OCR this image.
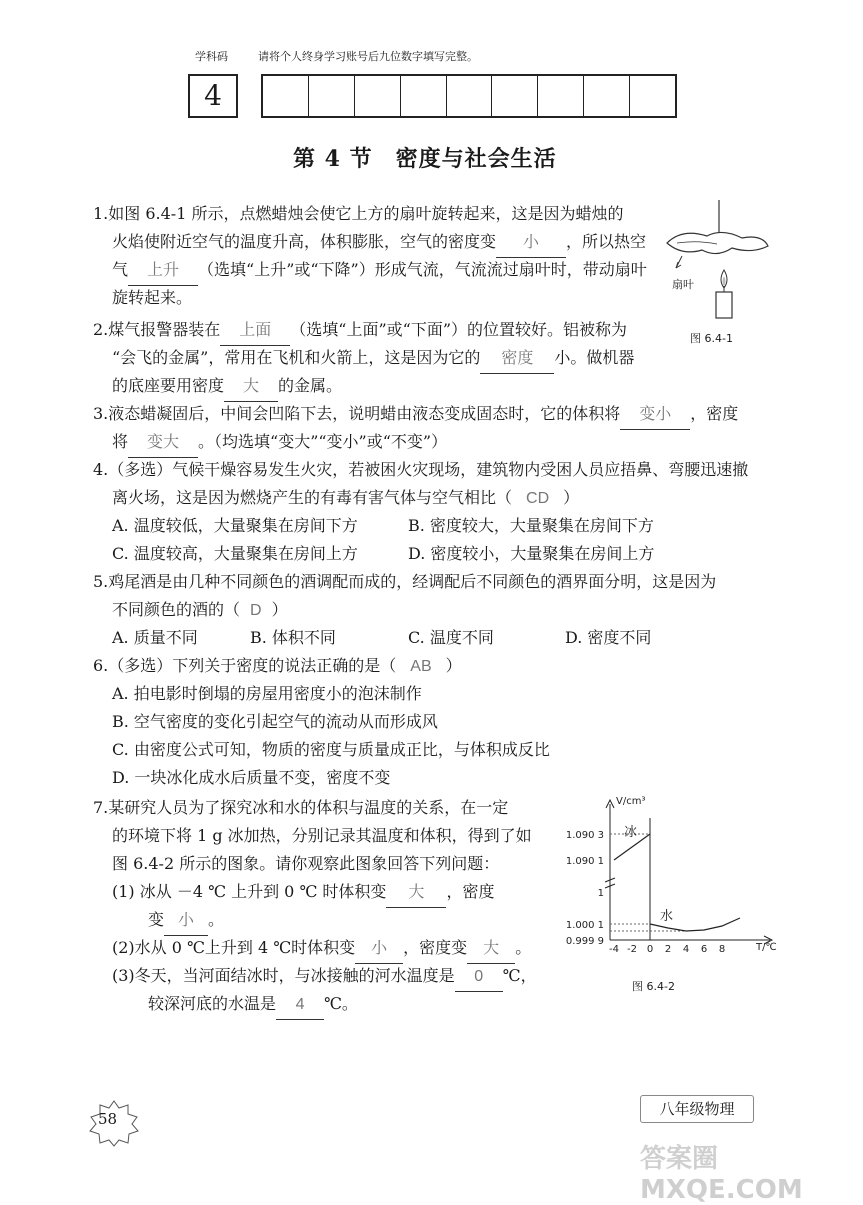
学科码	请将个人终身学习账号后九位数字填写完整。
4
第 4 节　密度与社会生活
1.如图 6.4-1 所示，点燃蜡烛会使它上方的扇叶旋转起来，这是因为蜡烛的
火焰使附近空气的温度升高，体积膨胀，空气的密度变 小 ，所以热空
气 上升 （选填“上升”或“下降”）形成气流，气流流过扇叶时，带动扇叶
旋转起来。
扇叶
图 6.4-1
2.煤气报警器装在 上面 （选填“上面”或“下面”）的位置较好。铝被称为
“会飞的金属”，常用在飞机和火箭上，这是因为它的 密度 小。做机器
的底座要用密度 大 的金属。
3.液态蜡凝固后，中间会凹陷下去，说明蜡由液态变成固态时，它的体积将 变小 ，密度
将 变大 。（均选填“变大”“变小”或“不变”）
4.（多选）气候干燥容易发生火灾，若被困火灾现场，建筑物内受困人员应捂鼻、弯腰迅速撤
离火场，这是因为燃烧产生的有毒有害气体与空气相比（ CD ）
A. 温度较低，大量聚集在房间下方	B. 密度较大，大量聚集在房间下方
C. 温度较高，大量聚集在房间上方	D. 密度较小，大量聚集在房间上方
5.鸡尾酒是由几种不同颜色的酒调配而成的，经调配后不同颜色的酒界面分明，这是因为
不同颜色的酒的（ D ）
A. 质量不同	B. 体积不同	C. 温度不同	D. 密度不同
6.（多选）下列关于密度的说法正确的是（ AB ）
A. 拍电影时倒塌的房屋用密度小的泡沫制作
B. 空气密度的变化引起空气的流动从而形成风
C. 由密度公式可知，物质的密度与质量成正比，与体积成反比
D. 一块冰化成水后质量不变，密度不变
7.某研究人员为了探究冰和水的体积与温度的关系，在一定
的环境下将 1 g 冰加热，分别记录其温度和体积，得到了如
图 6.4-2 所示的图象。请你观察此图象回答下列问题：
(1) 冰从 －4 ℃ 上升到 0 ℃ 时体积变 大 ，密度
变 小 。
(2)水从 0 ℃上升到 4 ℃时体积变 小 ，密度变 大 。
(3)冬天，当河面结冰时，与冰接触的河水温度是 0 ℃，
较深河底的水温是 4 ℃。
V/cm³
T/℃
1.090 3
1.090 1
1
1.000 1
0.999 9
-4 -2 0 2 4 6 8
冰
水
图 6.4-2
58
八年级物理
答案圈 MXQE.COM
